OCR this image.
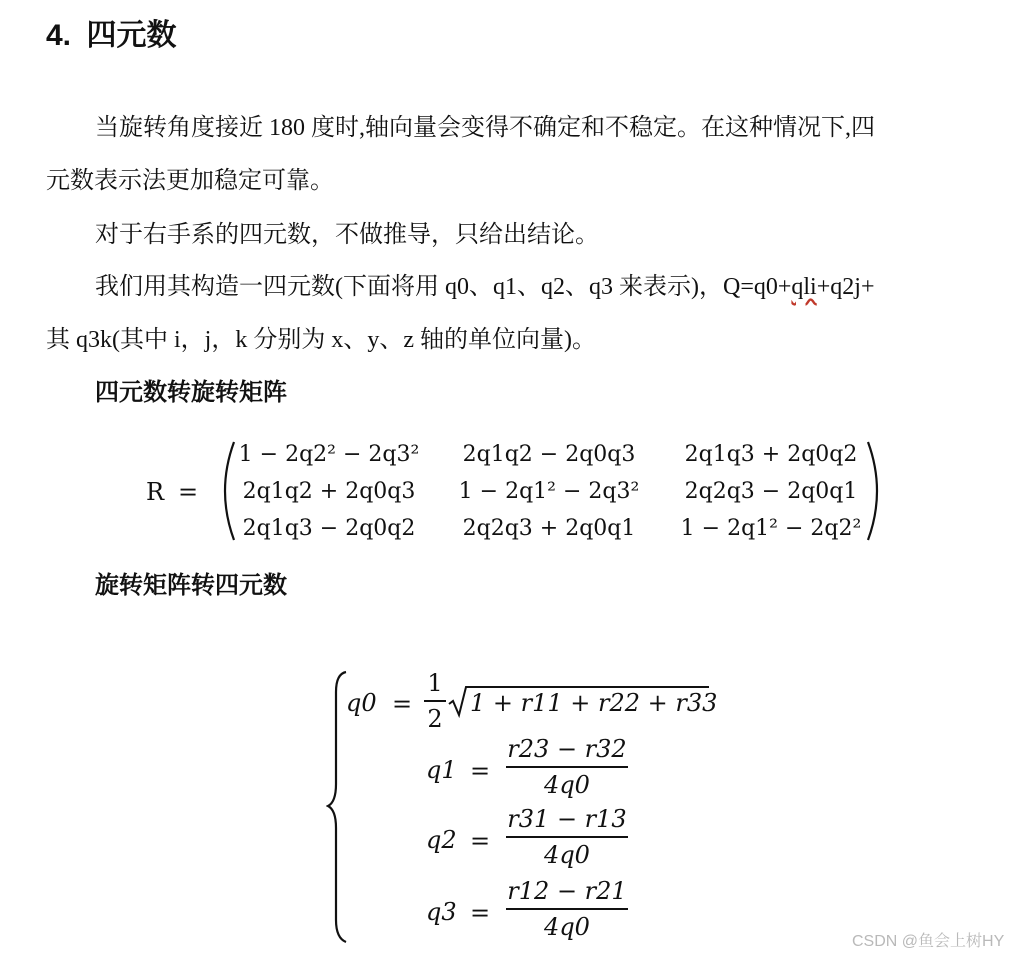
4. 四元数
当旋转角度接近 180 度时,轴向量会变得不确定和不稳定。在这种情况下,四
元数表示法更加稳定可靠。
对于右手系的四元数，不做推导，只给出结论。
我们用其构造一四元数(下面将用 q0、q1、q2、q3 来表示)，Q=q0+qli+q2j+
其 q3k(其中 i，j，k 分别为 x、y、z 轴的单位向量)。
四元数转旋转矩阵
R =
1 − 2q2² − 2q3²	2q1q2 − 2q0q3	2q1q3 + 2q0q2
2q1q2 + 2q0q3	1 − 2q1² − 2q3²	2q2q3 − 2q0q1
2q1q3 − 2q0q2	2q2q3 + 2q0q1	1 − 2q1² − 2q2²
旋转矩阵转四元数
q0 =
1
2
1 + r11 + r22 + r33
q1 =
r23 − r32
4q0
q2 =
r31 − r13
4q0
q3 =
r12 − r21
4q0
CSDN @鱼会上树HY
